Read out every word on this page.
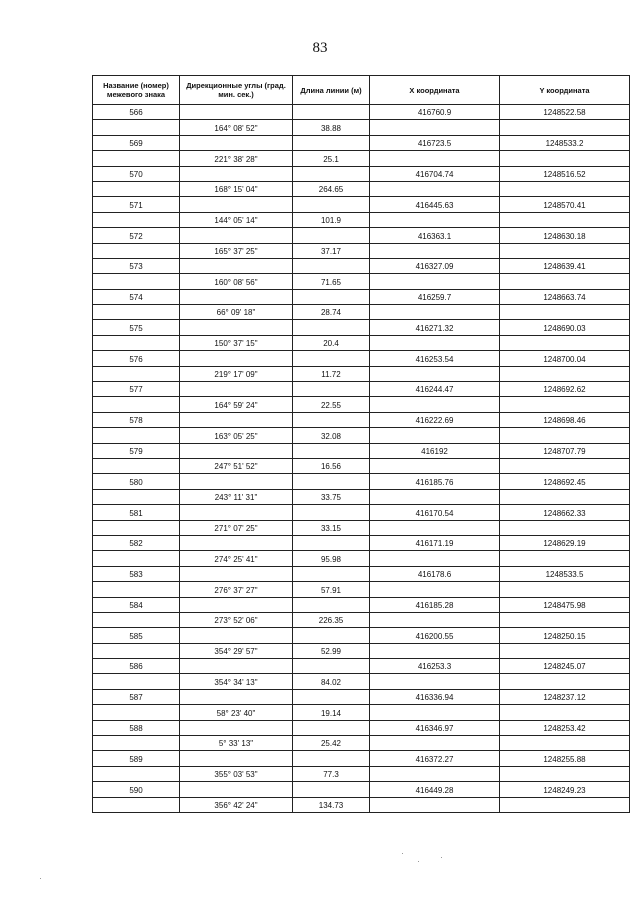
83
Название (номер) межевого знака	Дирекционные углы (град. мин. сек.)	Длина линии (м)	X координата	Y координата
566			416760.9	1248522.58
	164° 08' 52"	38.88		
569			416723.5	1248533.2
	221° 38' 28"	25.1		
570			416704.74	1248516.52
	168° 15' 04"	264.65		
571			416445.63	1248570.41
	144° 05' 14"	101.9		
572			416363.1	1248630.18
	165° 37' 25"	37.17		
573			416327.09	1248639.41
	160° 08' 56"	71.65		
574			416259.7	1248663.74
	66° 09' 18"	28.74		
575			416271.32	1248690.03
	150° 37' 15"	20.4		
576			416253.54	1248700.04
	219° 17' 09"	11.72		
577			416244.47	1248692.62
	164° 59' 24"	22.55		
578			416222.69	1248698.46
	163° 05' 25"	32.08		
579			416192	1248707.79
	247° 51' 52"	16.56		
580			416185.76	1248692.45
	243° 11' 31"	33.75		
581			416170.54	1248662.33
	271° 07' 25"	33.15		
582			416171.19	1248629.19
	274° 25' 41"	95.98		
583			416178.6	1248533.5
	276° 37' 27"	57.91		
584			416185.28	1248475.98
	273° 52' 06"	226.35		
585			416200.55	1248250.15
	354° 29' 57"	52.99		
586			416253.3	1248245.07
	354° 34' 13"	84.02		
587			416336.94	1248237.12
	58° 23' 40"	19.14		
588			416346.97	1248253.42
	5° 33' 13"	25.42		
589			416372.27	1248255.88
	355° 03' 53"	77.3		
590			416449.28	1248249.23
	356° 42' 24"	134.73		
